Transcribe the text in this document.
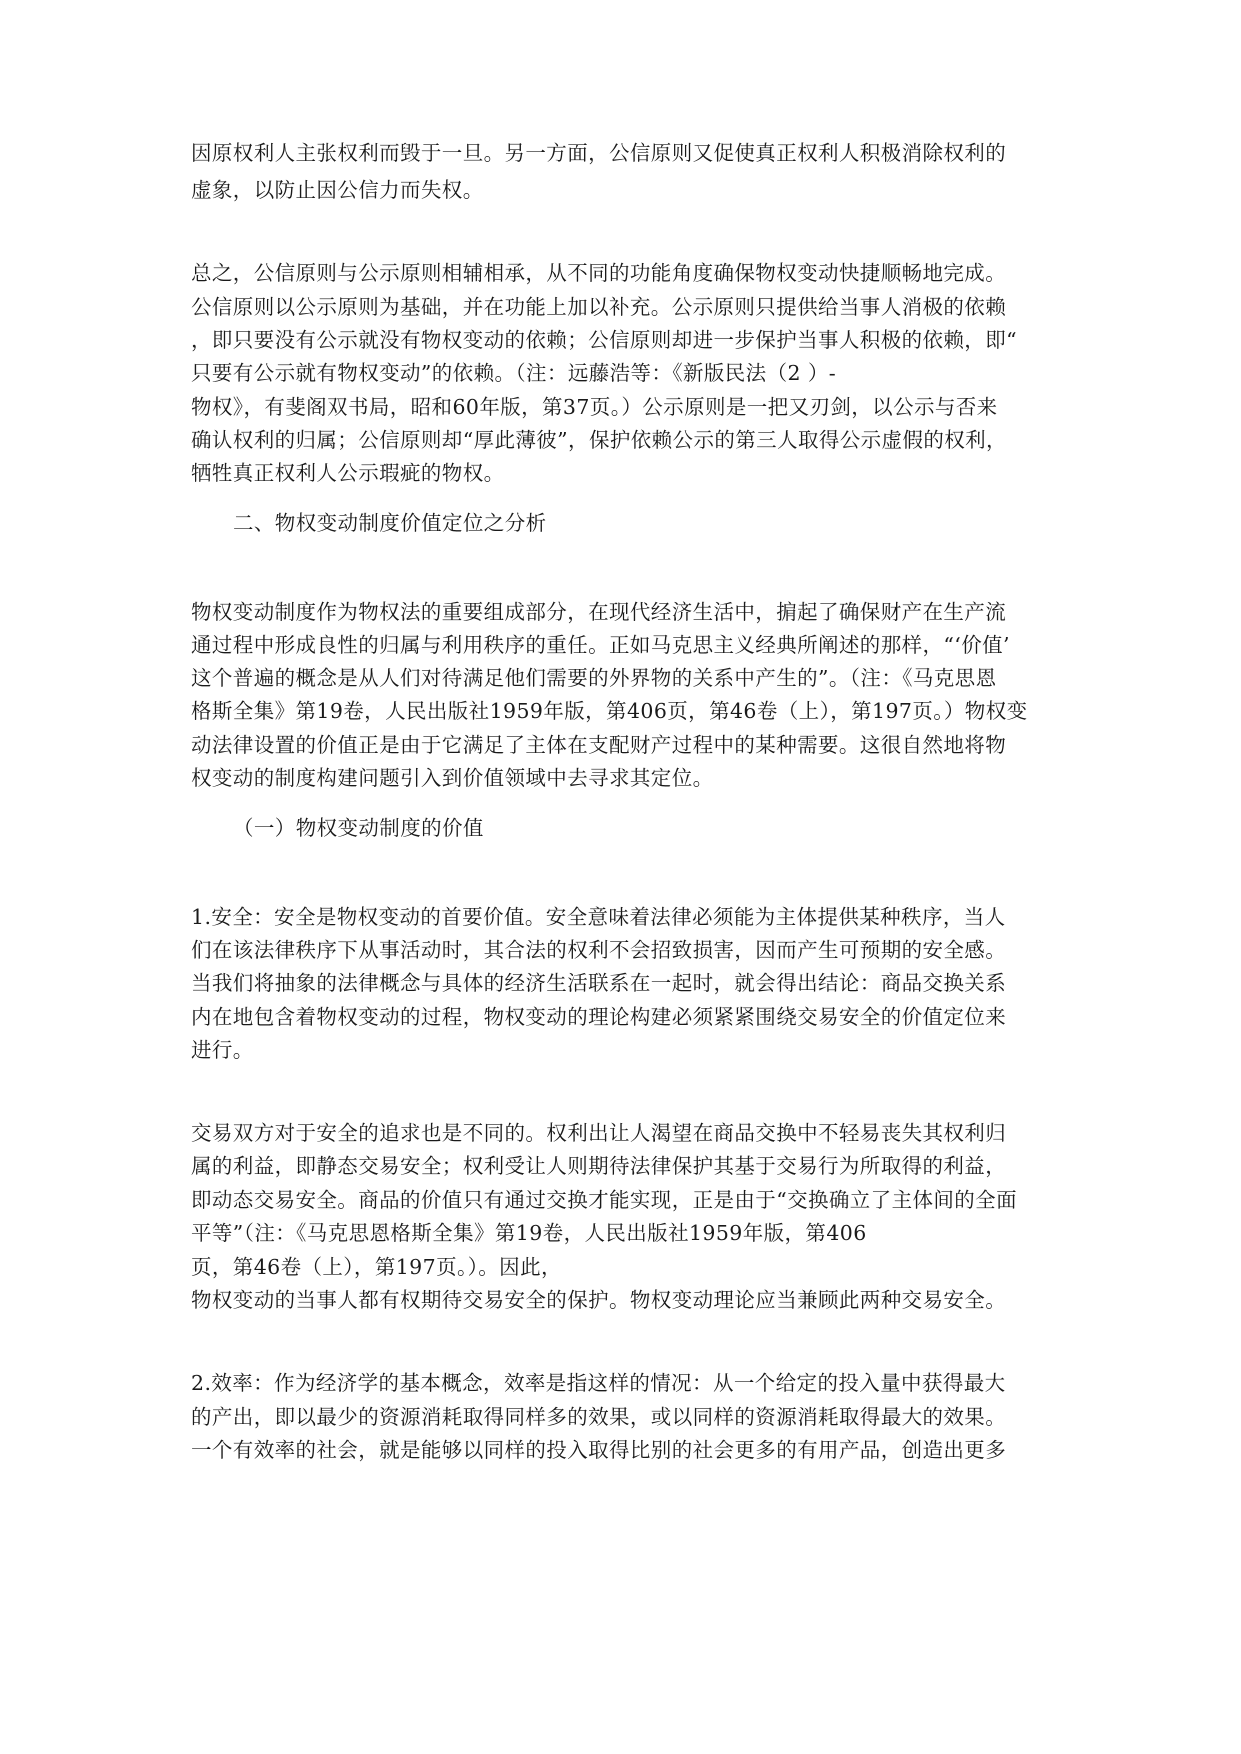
因原权利人主张权利而毁于一旦。另一方面，公信原则又促使真正权利人积极消除权利的
虚象，以防止因公信力而失权。
总之，公信原则与公示原则相辅相承，从不同的功能角度确保物权变动快捷顺畅地完成。
公信原则以公示原则为基础，并在功能上加以补充。公示原则只提供给当事人消极的依赖
，即只要没有公示就没有物权变动的依赖；公信原则却进一步保护当事人积极的依赖，即“
只要有公示就有物权变动”的依赖。（注：远藤浩等：《新版民法（2 ）-
物权》，有斐阁双书局，昭和60年版，第37页。）公示原则是一把又刃剑，以公示与否来
确认权利的归属；公信原则却“厚此薄彼”，保护依赖公示的第三人取得公示虚假的权利，
牺牲真正权利人公示瑕疵的物权。
二、物权变动制度价值定位之分析
物权变动制度作为物权法的重要组成部分，在现代经济生活中，掮起了确保财产在生产流
通过程中形成良性的归属与利用秩序的重任。正如马克思主义经典所阐述的那样，“‘价值’
这个普遍的概念是从人们对待满足他们需要的外界物的关系中产生的”。（注：《马克思恩
格斯全集》第19卷，人民出版社1959年版，第406页，第46卷（上），第197页。）物权变
动法律设置的价值正是由于它满足了主体在支配财产过程中的某种需要。这很自然地将物
权变动的制度构建问题引入到价值领域中去寻求其定位。
（一）物权变动制度的价值
1.安全：安全是物权变动的首要价值。安全意味着法律必须能为主体提供某种秩序，当人
们在该法律秩序下从事活动时，其合法的权利不会招致损害，因而产生可预期的安全感。
当我们将抽象的法律概念与具体的经济生活联系在一起时，就会得出结论：商品交换关系
内在地包含着物权变动的过程，物权变动的理论构建必须紧紧围绕交易安全的价值定位来
进行。
交易双方对于安全的追求也是不同的。权利出让人渴望在商品交换中不轻易丧失其权利归
属的利益，即静态交易安全；权利受让人则期待法律保护其基于交易行为所取得的利益，
即动态交易安全。商品的价值只有通过交换才能实现，正是由于“交换确立了主体间的全面
平等”（注：《马克思恩格斯全集》第19卷，人民出版社1959年版，第406
页，第46卷（上），第197页。）。因此，
物权变动的当事人都有权期待交易安全的保护。物权变动理论应当兼顾此两种交易安全。
2.效率：作为经济学的基本概念，效率是指这样的情况：从一个给定的投入量中获得最大
的产出，即以最少的资源消耗取得同样多的效果，或以同样的资源消耗取得最大的效果。
一个有效率的社会，就是能够以同样的投入取得比别的社会更多的有用产品，创造出更多
